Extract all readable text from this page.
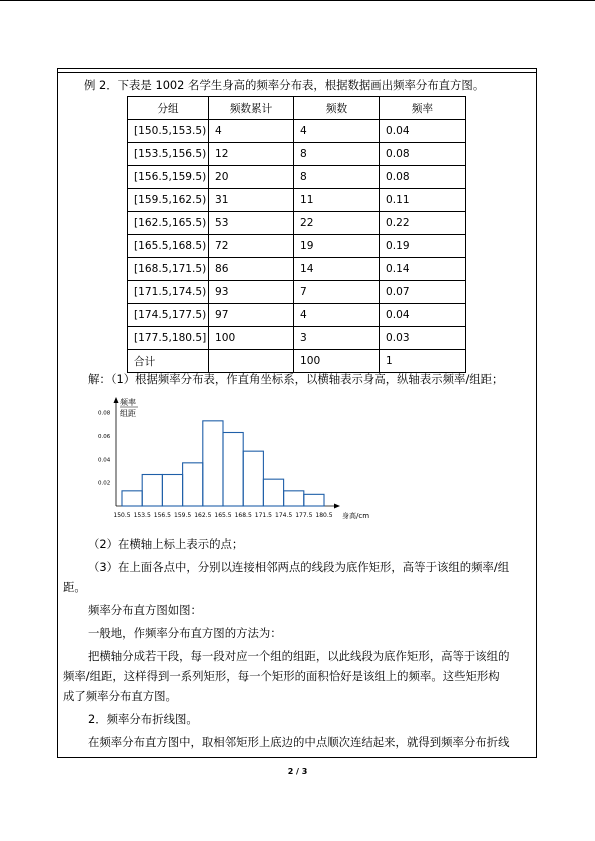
例 2．下表是 1002 名学生身高的频率分布表，根据数据画出频率分布直方图。
分组	频数累计	频数	频率
[150.5,153.5)	4	4	0.04
[153.5,156.5)	12	8	0.08
[156.5,159.5)	20	8	0.08
[159.5,162.5)	31	11	0.11
[162.5,165.5)	53	22	0.22
[165.5,168.5)	72	19	0.19
[168.5,171.5)	86	14	0.14
[171.5,174.5)	93	7	0.07
[174.5,177.5)	97	4	0.04
[177.5,180.5]	100	3	0.03
合计		100	1
解：（1）根据频率分布表，作直角坐标系，以横轴表示身高，纵轴表示频率/组距；
频率
组距
身高/cm
0.02
0.04
0.06
0.08
150.5 153.5 156.5 159.5 162.5 165.5 168.5 171.5 174.5 177.5 180.5
（2）在横轴上标上表示的点；
（3）在上面各点中，分别以连接相邻两点的线段为底作矩形，高等于该组的频率/组
距。
频率分布直方图如图：
一般地，作频率分布直方图的方法为：
把横轴分成若干段，每一段对应一个组的组距，以此线段为底作矩形，高等于该组的
频率/组距，这样得到一系列矩形，每一个矩形的面积恰好是该组上的频率。这些矩形构
成了频率分布直方图。
2．频率分布折线图。
在频率分布直方图中，取相邻矩形上底边的中点顺次连结起来，就得到频率分布折线
2 / 3
